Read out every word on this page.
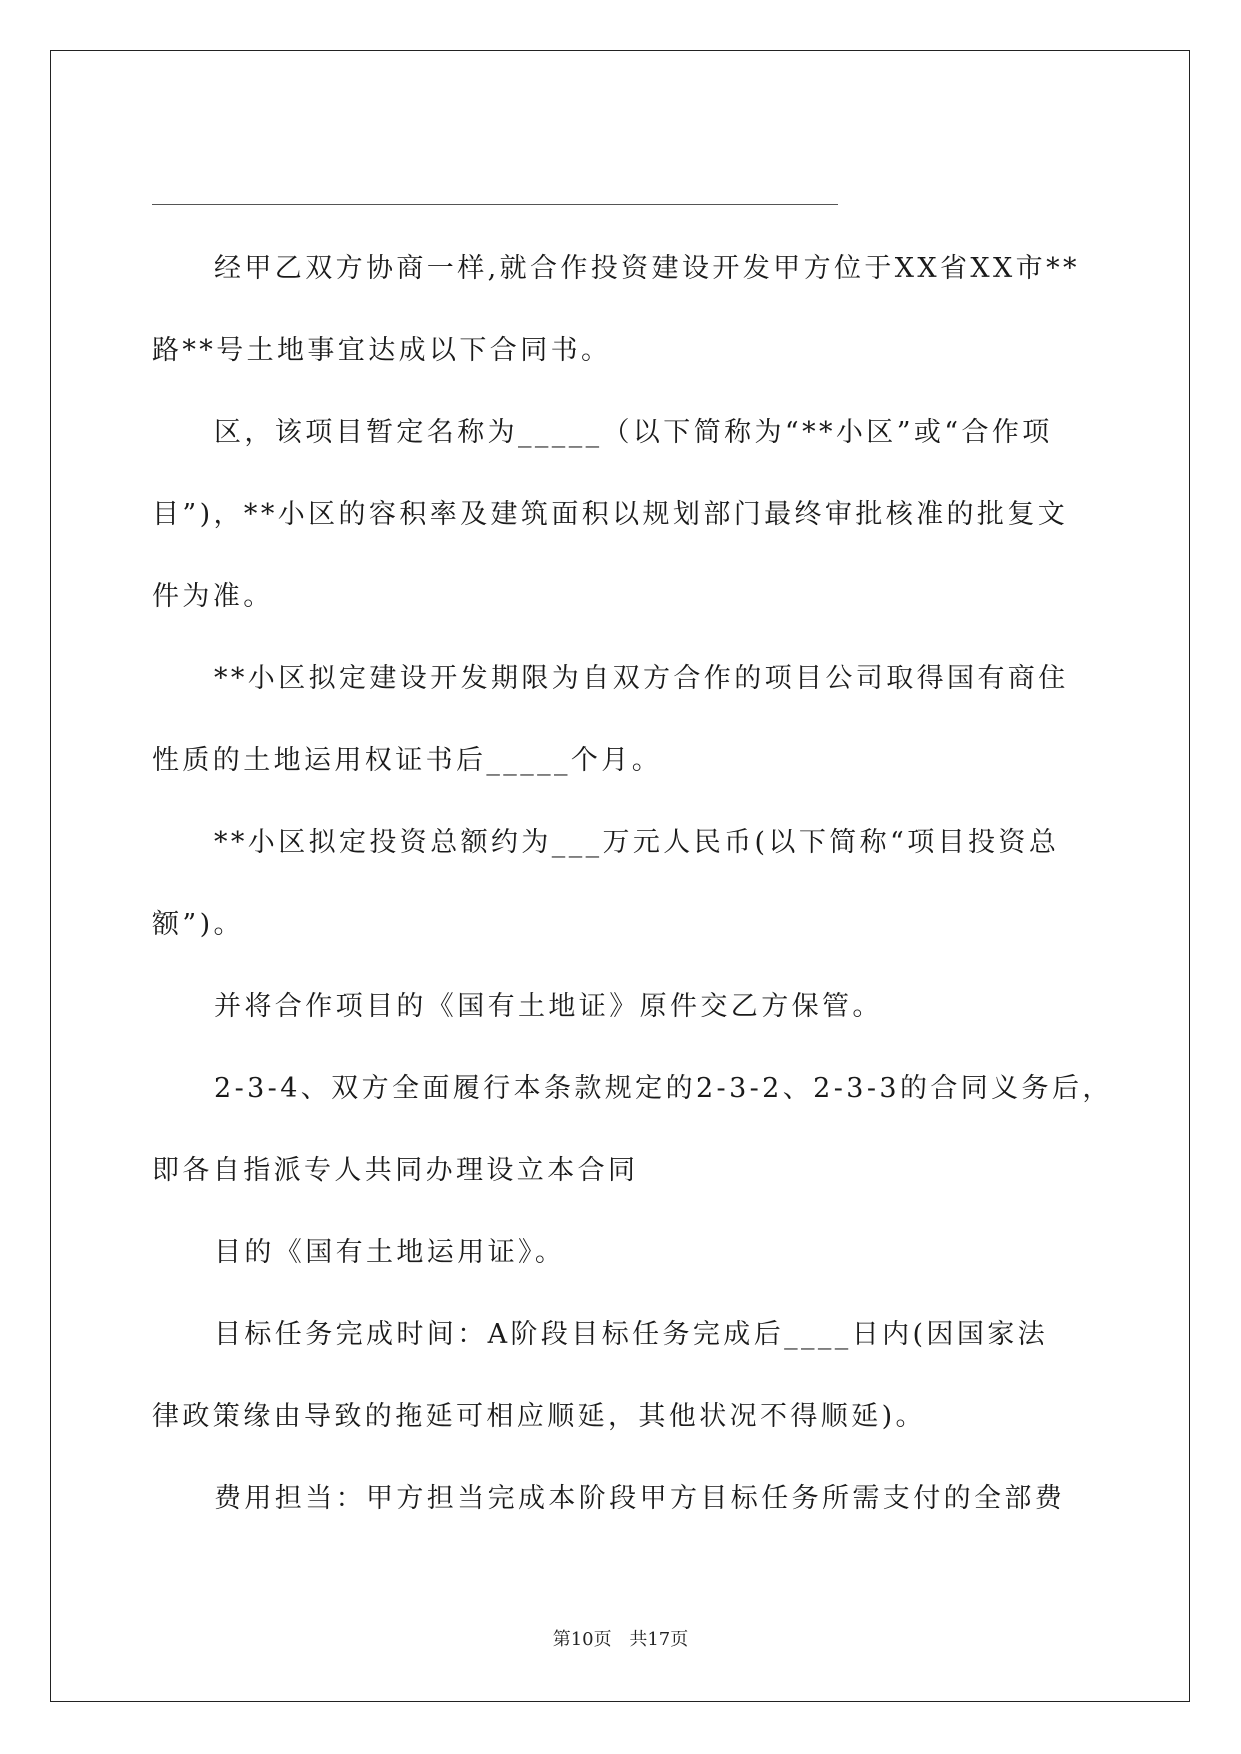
经甲乙双方协商一样,就合作投资建设开发甲方位于XX省XX市**

路**号土地事宜达成以下合同书。

区，该项目暂定名称为_____（以下简称为“**小区”或“合作项

目”)，**小区的容积率及建筑面积以规划部门最终审批核准的批复文

件为准。

**小区拟定建设开发期限为自双方合作的项目公司取得国有商住

性质的土地运用权证书后_____个月。

**小区拟定投资总额约为___万元人民币(以下简称“项目投资总

额”)。

并将合作项目的《国有土地证》原件交乙方保管。

2-3-4、双方全面履行本条款规定的2-3-2、2-3-3的合同义务后，

即各自指派专人共同办理设立本合同

目的《国有土地运用证》。

目标任务完成时间：A阶段目标任务完成后____日内(因国家法

律政策缘由导致的拖延可相应顺延，其他状况不得顺延)。

费用担当：甲方担当完成本阶段甲方目标任务所需支付的全部费

第10页 共17页
